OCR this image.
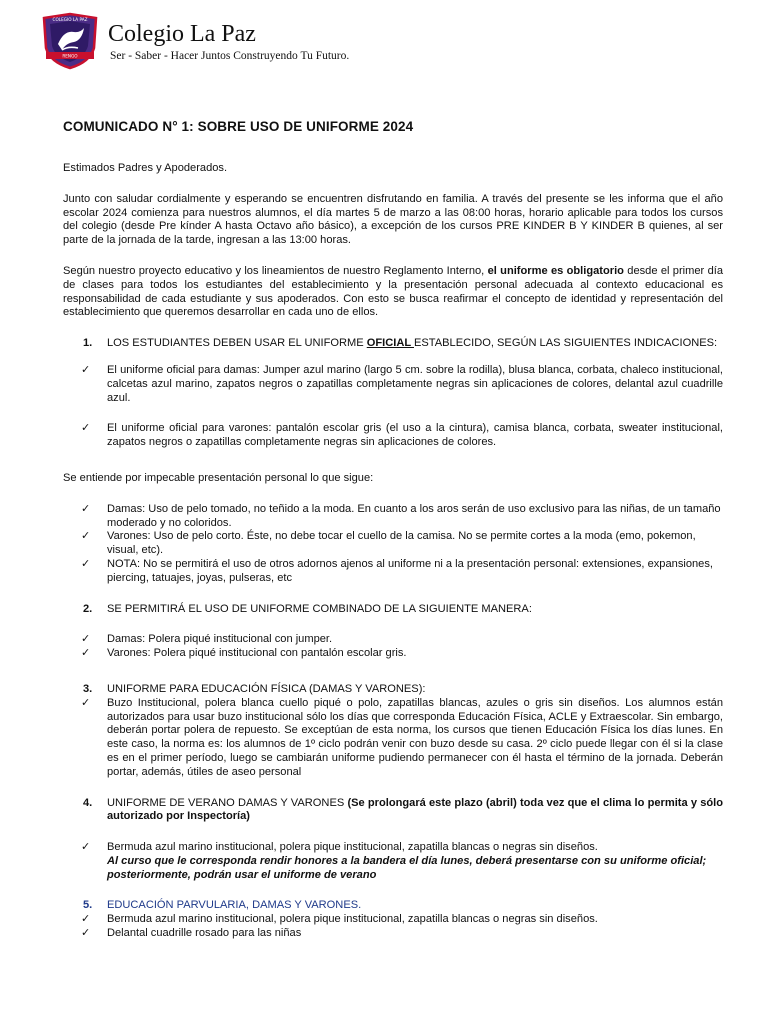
COLEGIO LA PAZ
RENGO
Colegio La Paz
Ser - Saber - Hacer Juntos Construyendo Tu Futuro.
COMUNICADO N° 1: SOBRE USO DE UNIFORME 2024

Estimados Padres y Apoderados.

Junto con saludar cordialmente y esperando se encuentren disfrutando en familia. A través del presente se les informa que el año escolar 2024 comienza para nuestros alumnos, el día martes 5 de marzo a las 08:00 horas, horario aplicable para todos los cursos del colegio (desde Pre kínder A hasta Octavo año básico), a excepción de los cursos PRE KINDER B Y KINDER B quienes, al ser parte de la jornada de la tarde, ingresan a las 13:00 horas.

Según nuestro proyecto educativo y los lineamientos de nuestro Reglamento Interno, el uniforme es obligatorio desde el primer día de clases para todos los estudiantes del establecimiento y la presentación personal adecuada al contexto educacional es responsabilidad de cada estudiante y sus apoderados. Con esto se busca reafirmar el concepto de identidad y representación del establecimiento que queremos desarrollar en cada uno de ellos.

1.	LOS ESTUDIANTES DEBEN USAR EL UNIFORME OFICIAL ESTABLECIDO, SEGÚN LAS SIGUIENTES INDICACIONES:
✓	El uniforme oficial para damas: Jumper azul marino (largo 5 cm. sobre la rodilla), blusa blanca, corbata, chaleco institucional, calcetas azul marino, zapatos negros o zapatillas completamente negras sin aplicaciones de colores, delantal azul cuadrille azul.
✓	El uniforme oficial para varones: pantalón escolar gris (el uso a la cintura), camisa blanca, corbata, sweater institucional, zapatos negros o zapatillas completamente negras sin aplicaciones de colores.

Se entiende por impecable presentación personal lo que sigue:

✓	Damas: Uso de pelo tomado, no teñido a la moda. En cuanto a los aros serán de uso exclusivo para las niñas, de un tamaño moderado y no coloridos.
✓	Varones: Uso de pelo corto. Éste, no debe tocar el cuello de la camisa. No se permite cortes a la moda (emo, pokemon, visual, etc).
✓	NOTA: No se permitirá el uso de otros adornos ajenos al uniforme ni a la presentación personal: extensiones, expansiones, piercing, tatuajes, joyas, pulseras, etc
2.	SE PERMITIRÁ EL USO DE UNIFORME COMBINADO DE LA SIGUIENTE MANERA:
✓	Damas: Polera piqué institucional con jumper.
✓	Varones: Polera piqué institucional con pantalón escolar gris.
3.	UNIFORME PARA EDUCACIÓN FÍSICA (DAMAS Y VARONES):
✓	Buzo Institucional, polera blanca cuello piqué o polo, zapatillas blancas, azules o gris sin diseños. Los alumnos están autorizados para usar buzo institucional sólo los días que corresponda Educación Física, ACLE y Extraescolar. Sin embargo, deberán portar polera de repuesto. Se exceptúan de esta norma, los cursos que tienen Educación Física los días lunes. En este caso, la norma es: los alumnos de 1º ciclo podrán venir con buzo desde su casa. 2º ciclo puede llegar con él si la clase es en el primer período, luego se cambiarán uniforme pudiendo permanecer con él hasta el término de la jornada. Deberán portar, además, útiles de aseo personal
4.	UNIFORME DE VERANO DAMAS Y VARONES (Se prolongará este plazo (abril) toda vez que el clima lo permita y sólo autorizado por Inspectoría)
✓	Bermuda azul marino institucional, polera pique institucional, zapatilla blancas o negras sin diseños.
Al curso que le corresponda rendir honores a la bandera el día lunes, deberá presentarse con su uniforme oficial; posteriormente, podrán usar el uniforme de verano
5.	EDUCACIÓN PARVULARIA, DAMAS Y VARONES.
✓	Bermuda azul marino institucional, polera pique institucional, zapatilla blancas o negras sin diseños.
✓	Delantal cuadrille rosado para las niñas
